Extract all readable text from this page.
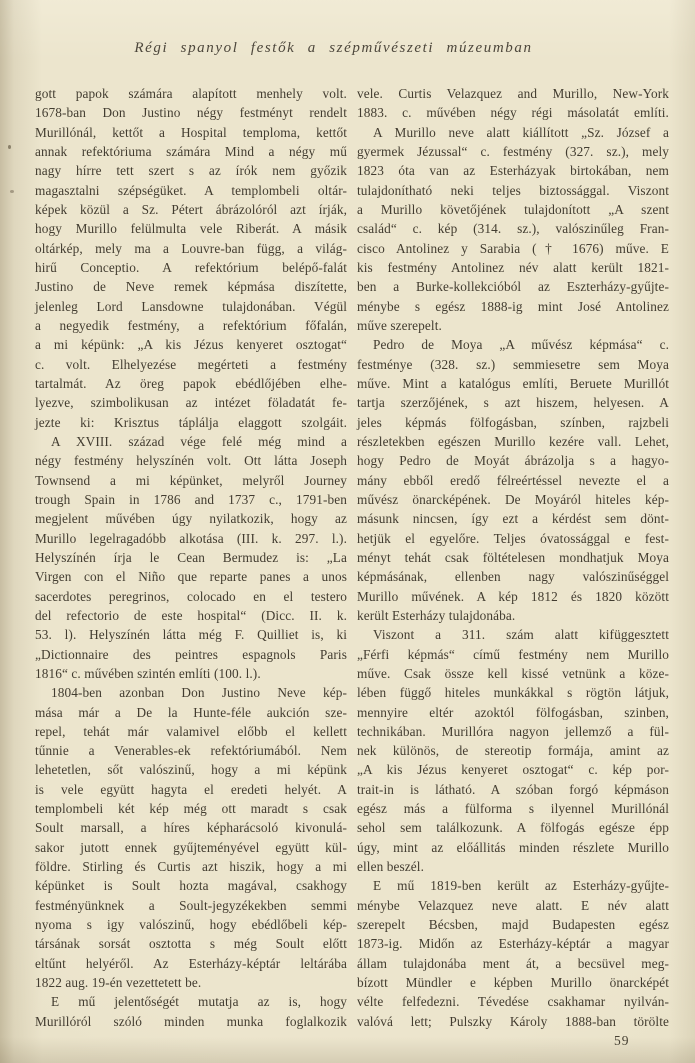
Régi spanyol festők a szépművészeti múzeumban
gott papok számára alapított menhely volt.
1678-ban Don Justino négy festményt rendelt
Murillónál, kettőt a Hospital temploma, kettőt
annak refektóriuma számára Mind a négy mű
nagy hírre tett szert s az írók nem győzik
magasztalni szépségüket. A templombeli oltár-
képek közül a Sz. Pétert ábrázolóról azt írják,
hogy Murillo felülmulta vele Riberát. A másik
oltárkép, mely ma a Louvre-ban függ, a világ-
hirű Conceptio. A refektórium belépő-falát
Justino de Neve remek képmása diszítette,
jelenleg Lord Lansdowne tulajdonában. Végül
a negyedik festmény, a refektórium főfalán,
a mi képünk: „A kis Jézus kenyeret osztogat“
c. volt. Elhelyezése megérteti a festmény
tartalmát. Az öreg papok ebédlőjében elhe-
lyezve, szimbolikusan az intézet föladatát fe-
jezte ki: Krisztus táplálja elaggott szolgáit.
A XVIII. század vége felé még mind a
négy festmény helyszínén volt. Ott látta Joseph
Townsend a mi képünket, melyről Journey
trough Spain in 1786 and 1737 c., 1791-ben
megjelent művében úgy nyilatkozik, hogy az
Murillo legelragadóbb alkotása (III. k. 297. l.).
Helyszínén írja le Cean Bermudez is: „La
Virgen con el Niño que reparte panes a unos
sacerdotes peregrinos, colocado en el testero
del refectorio de este hospital“ (Dicc. II. k.
53. l). Helyszínén látta még F. Quilliet is, ki
„Dictionnaire des peintres espagnols Paris
1816“ c. művében szintén említi (100. l.).
1804-ben azonban Don Justino Neve kép-
mása már a De la Hunte-féle aukción sze-
repel, tehát már valamivel előbb el kellett
tűnnie a Venerables-ek refektóriumából. Nem
lehetetlen, sőt valószinű, hogy a mi képünk
is vele együtt hagyta el eredeti helyét. A
templombeli két kép még ott maradt s csak
Soult marsall, a híres képharácsoló kivonulá-
sakor jutott ennek gyűjteményével együtt kül-
földre. Stirling és Curtis azt hiszik, hogy a mi
képünket is Soult hozta magával, csakhogy
festményünknek a Soult-jegyzékekben semmi
nyoma s igy valószinű, hogy ebédlőbeli kép-
társának sorsát osztotta s még Soult előtt
eltűnt helyéről. Az Esterházy-képtár leltárába
1822 aug. 19-én vezettetett be.
E mű jelentőségét mutatja az is, hogy
Murillóról szóló minden munka foglalkozik
vele. Curtis Velazquez and Murillo, New-York
1883. c. művében négy régi másolatát említi.
A Murillo neve alatt kiállított „Sz. József a
gyermek Jézussal“ c. festmény (327. sz.), mely
1823 óta van az Esterházyak birtokában, nem
tulajdonítható neki teljes biztossággal. Viszont
a Murillo követőjének tulajdonított „A szent
család“ c. kép (314. sz.), valószinűleg Fran-
cisco Antolinez y Sarabia († 1676) műve. E
kis festmény Antolinez név alatt került 1821-
ben a Burke-kollekcióból az Eszterházy-gyűjte-
ménybe s egész 1888-ig mint José Antolinez
műve szerepelt.
Pedro de Moya „A művész képmása“ c.
festménye (328. sz.) semmiesetre sem Moya
műve. Mint a katalógus említi, Beruete Murillót
tartja szerzőjének, s azt hiszem, helyesen. A
jeles képmás fölfogásban, színben, rajzbeli
részletekben egészen Murillo kezére vall. Lehet,
hogy Pedro de Moyát ábrázolja s a hagyo-
mány ebből eredő félreértéssel nevezte el a
művész önarcképének. De Moyáról hiteles kép-
másunk nincsen, így ezt a kérdést sem dönt-
hetjük el egyelőre. Teljes óvatossággal e fest-
ményt tehát csak föltételesen mondhatjuk Moya
képmásának, ellenben nagy valószinűséggel
Murillo művének. A kép 1812 és 1820 között
került Esterházy tulajdonába.
Viszont a 311. szám alatt kifüggesztett
„Férfi képmás“ című festmény nem Murillo
műve. Csak össze kell kissé vetnünk a köze-
lében függő hiteles munkákkal s rögtön látjuk,
mennyire eltér azoktól fölfogásban, szinben,
technikában. Murillóra nagyon jellemző a fül-
nek különös, de stereotip formája, amint az
„A kis Jézus kenyeret osztogat“ c. kép por-
trait-in is látható. A szóban forgó képmáson
egész más a fülforma s ilyennel Murillónál
sehol sem találkozunk. A fölfogás egésze épp
úgy, mint az előállitás minden részlete Murillo
ellen beszél.
E mű 1819-ben került az Esterházy-gyűjte-
ménybe Velazquez neve alatt. E név alatt
szerepelt Bécsben, majd Budapesten egész
1873-ig. Midőn az Esterházy-képtár a magyar
állam tulajdonába ment át, a becsüvel meg-
bízott Mündler e képben Murillo önarcképét
vélte felfedezni. Tévedése csakhamar nyilván-
valóvá lett; Pulszky Károly 1888-ban törölte
59
